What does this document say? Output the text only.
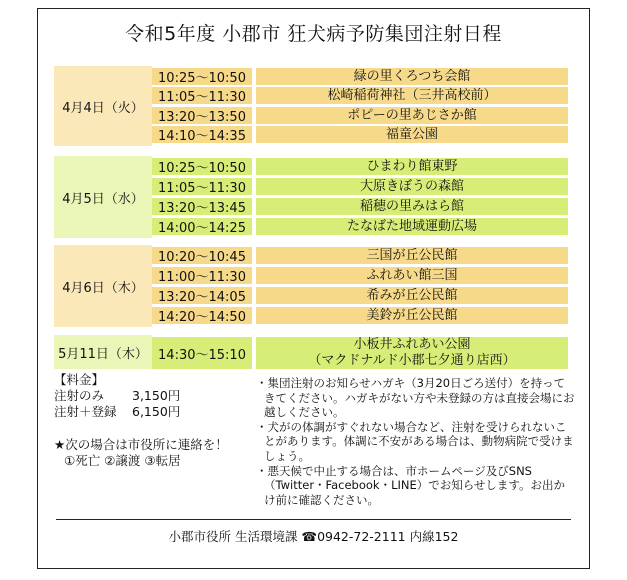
令和5年度 小郡市 狂犬病予防集団注射日程
4月4日（火）
10:25～10:50	緑の里くろつち会館
11:05～11:30	松崎稲荷神社（三井高校前）
13:20～13:50	ポピーの里あじさか館
14:10～14:35	福童公園
4月5日（水）
10:25～10:50	ひまわり館東野
11:05～11:30	大原きぼうの森館
13:20～13:45	稲穂の里みはら館
14:00～14:25	たなばた地域運動広場
4月6日（木）
10:20～10:45	三国が丘公民館
11:00～11:30	ふれあい館三国
13:20～14:05	希みが丘公民館
14:20～14:50	美鈴が丘公民館
5月11日（木） 14:30～15:10
小板井ふれあい公園
（マクドナルド小郡七夕通り店西）
【料金】
注射のみ	3,150円
注射＋登録	6,150円
★次の場合は市役所に連絡を！
①死亡 ②譲渡 ③転居

・集団注射のお知らせハガキ（3月20日ごろ送付）を持ってきてください。ハガキがない方や未登録の方は直接会場にお越しください。

・犬がの体調がすぐれない場合など、注射を受けられないことがあります。体調に不安がある場合は、動物病院で受けましょう。

・悪天候で中止する場合は、市ホームページ及びSNS（Twitter・Facebook・LINE）でお知らせします。お出かけ前に確認ください。

小郡市役所 生活環境課 ☎0942-72-2111 内線152
